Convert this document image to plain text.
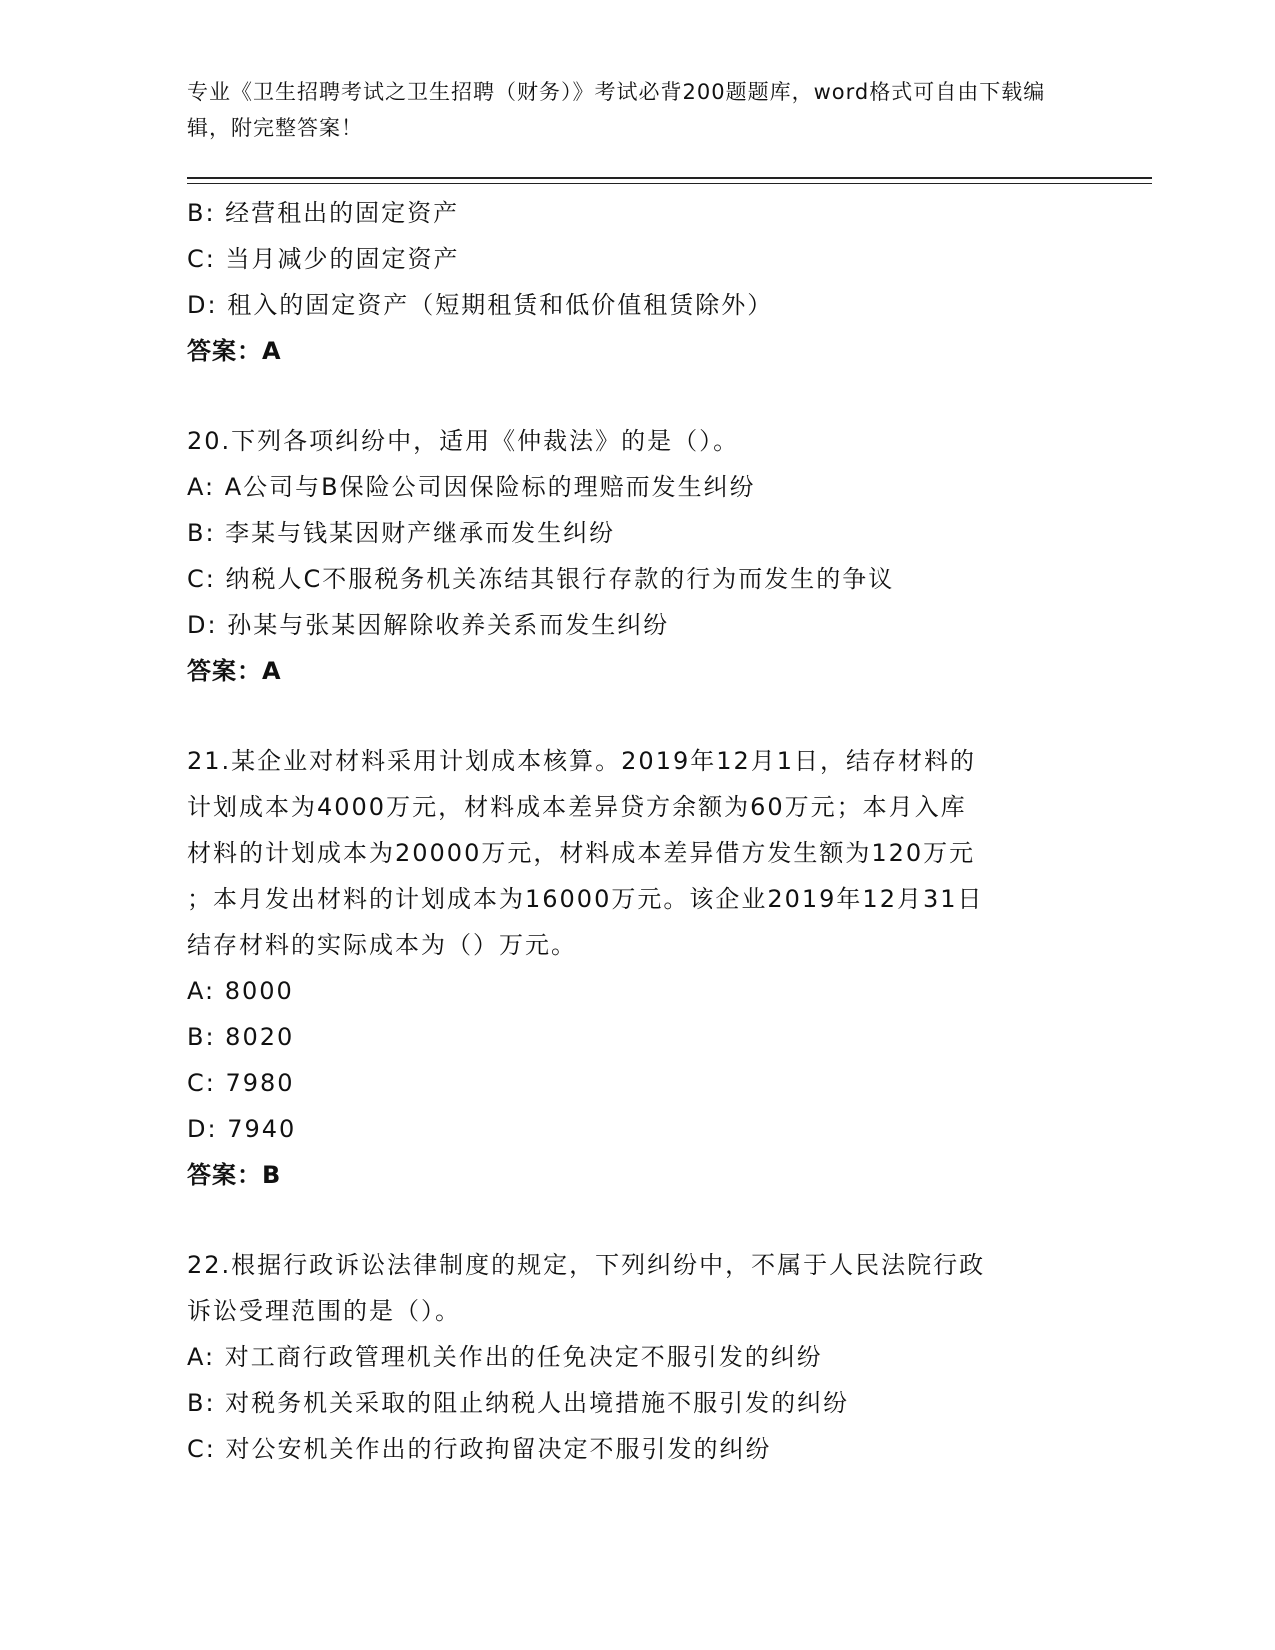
专业《卫生招聘考试之卫生招聘（财务）》考试必背200题题库，word格式可自由下载编辑，附完整答案！
B: 经营租出的固定资产
C: 当月减少的固定资产
D: 租入的固定资产（短期租赁和低价值租赁除外）
答案：A
20.下列各项纠纷中，适用《仲裁法》的是（）。
A: A公司与B保险公司因保险标的理赔而发生纠纷
B: 李某与钱某因财产继承而发生纠纷
C: 纳税人C不服税务机关冻结其银行存款的行为而发生的争议
D: 孙某与张某因解除收养关系而发生纠纷
答案：A
21.某企业对材料采用计划成本核算。2019年12月1日，结存材料的
计划成本为4000万元，材料成本差异贷方余额为60万元；本月入库
材料的计划成本为20000万元，材料成本差异借方发生额为120万元
；本月发出材料的计划成本为16000万元。该企业2019年12月31日
结存材料的实际成本为（）万元。
A: 8000
B: 8020
C: 7980
D: 7940
答案：B
22.根据行政诉讼法律制度的规定，下列纠纷中，不属于人民法院行政
诉讼受理范围的是（）。
A: 对工商行政管理机关作出的任免决定不服引发的纠纷
B: 对税务机关采取的阻止纳税人出境措施不服引发的纠纷
C: 对公安机关作出的行政拘留决定不服引发的纠纷
